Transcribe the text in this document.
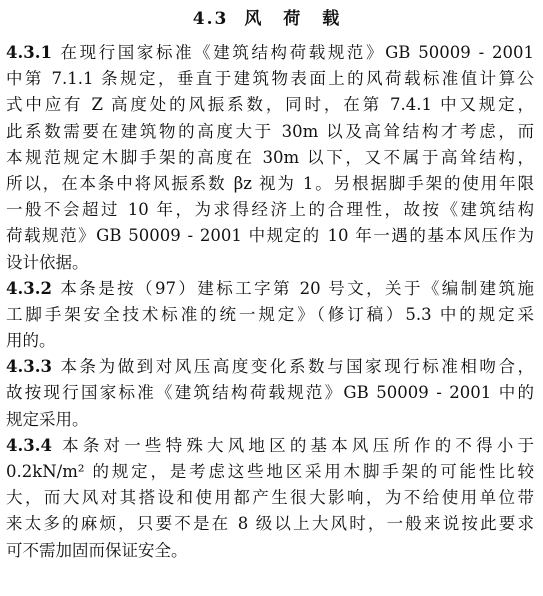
4.3 风 荷 载
4.3.1 在现行国家标准《建筑结构荷载规范》GB 50009 - 2001
中第 7.1.1 条规定，垂直于建筑物表面上的风荷载标准值计算公
式中应有 Z 高度处的风振系数，同时，在第 7.4.1 中又规定，
此系数需要在建筑物的高度大于 30m 以及高耸结构才考虑，而
本规范规定木脚手架的高度在 30m 以下，又不属于高耸结构，
所以，在本条中将风振系数 βz 视为 1。另根据脚手架的使用年限
一般不会超过 10 年，为求得经济上的合理性，故按《建筑结构
荷载规范》GB 50009 - 2001 中规定的 10 年一遇的基本风压作为
设计依据。
4.3.2 本条是按（97）建标工字第 20 号文，关于《编制建筑施
工脚手架安全技术标准的统一规定》（修订稿）5.3 中的规定采
用的。
4.3.3 本条为做到对风压高度变化系数与国家现行标准相吻合，
故按现行国家标准《建筑结构荷载规范》GB 50009 - 2001 中的
规定采用。
4.3.4 本条对一些特殊大风地区的基本风压所作的不得小于
0.2kN/m² 的规定，是考虑这些地区采用木脚手架的可能性比较
大，而大风对其搭设和使用都产生很大影响，为不给使用单位带
来太多的麻烦，只要不是在 8 级以上大风时，一般来说按此要求
可不需加固而保证安全。
